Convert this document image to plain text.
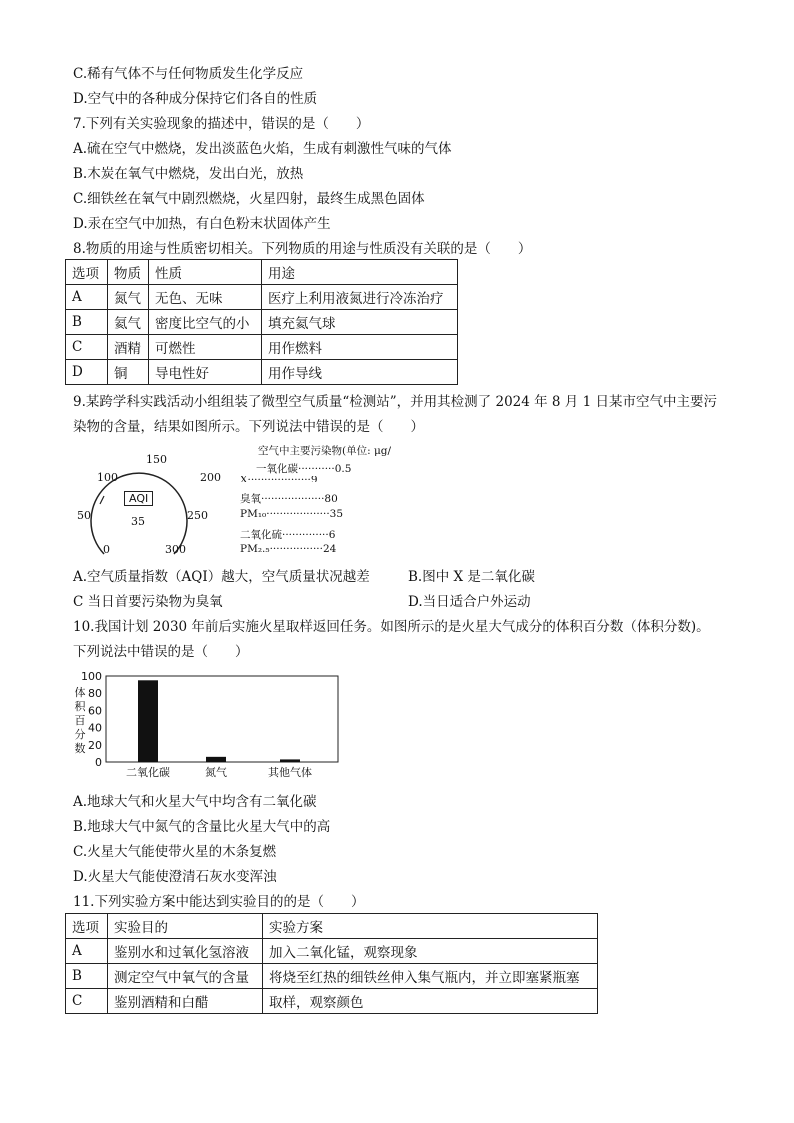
C.稀有气体不与任何物质发生化学反应
D.空气中的各种成分保持它们各自的性质
7.下列有关实验现象的描述中，错误的是（　　）
A.硫在空气中燃烧，发出淡蓝色火焰，生成有刺激性气味的气体
B.木炭在氧气中燃烧，发出白光，放热
C.细铁丝在氧气中剧烈燃烧，火星四射，最终生成黑色固体
D.汞在空气中加热，有白色粉末状固体产生
8.物质的用途与性质密切相关。下列物质的用途与性质没有关联的是（　　）
选项	物质	性质	用途
A	氮气	无色、无味	医疗上利用液氮进行冷冻治疗
B	氦气	密度比空气的小	填充氦气球
C	酒精	可燃性	用作燃料
D	铜	导电性好	用作导线
9.某跨学科实践活动小组组装了微型空气质量“检测站”，并用其检测了 2024 年 8 月 1 日某市空气中主要污
染物的含量，结果如图所示。下列说法中错误的是（　　）
AQI
35
0
50
100
150
200
250
300
空气中主要污染物(单位: μg/
一氧化碳···········0.5
X···················9
臭氧···················80
PM₁₀···················35
二氧化硫··············6
PM₂.₅················24
A.空气质量指数（AQI）越大，空气质量状况越差	B.图中 X 是二氧化碳
C 当日首要污染物为臭氧	D.当日适合户外运动
10.我国计划 2030 年前后实施火星取样返回任务。如图所示的是火星大气成分的体积百分数（体积分数)。
下列说法中错误的是（　　）
体
积
百
分
数
0
20
40
60
80
100
二氧化碳	氮气	其他气体
A.地球大气和火星大气中均含有二氧化碳
B.地球大气中氮气的含量比火星大气中的高
C.火星大气能使带火星的木条复燃
D.火星大气能使澄清石灰水变浑浊
11.下列实验方案中能达到实验目的的是（　　）
选项	实验目的	实验方案
A	鉴别水和过氧化氢溶液	加入二氧化锰，观察现象
B	测定空气中氧气的含量	将烧至红热的细铁丝伸入集气瓶内，并立即塞紧瓶塞
C	鉴别酒精和白醋	取样，观察颜色
